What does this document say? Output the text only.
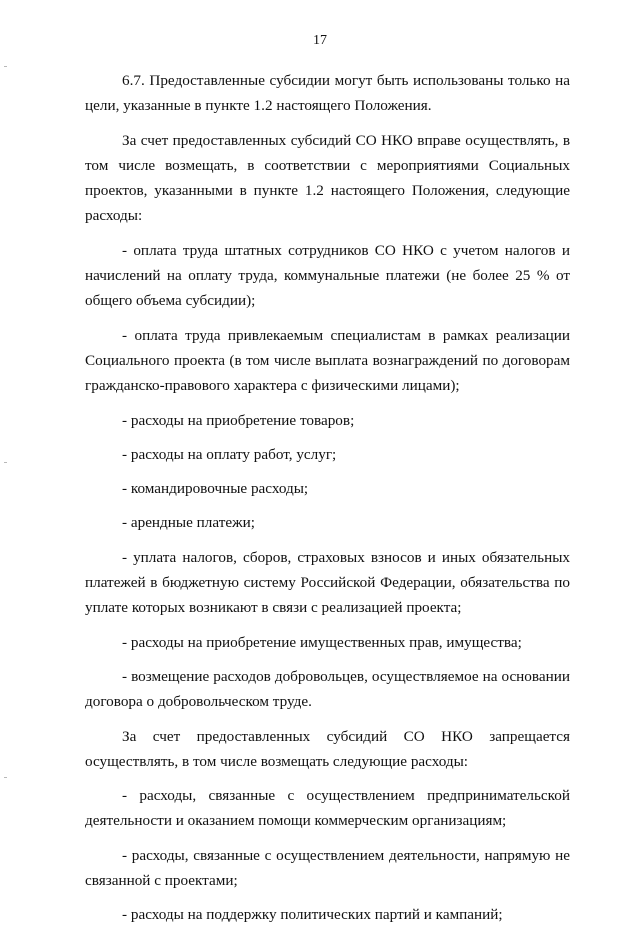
17

6.7. Предоставленные субсидии могут быть использованы только на цели, указанные в пункте 1.2 настоящего Положения.

За счет предоставленных субсидий СО НКО вправе осуществлять, в том числе возмещать, в соответствии с мероприятиями Социальных проектов, указанными в пункте 1.2 настоящего Положения, следующие расходы:

- оплата труда штатных сотрудников СО НКО с учетом налогов и начислений на оплату труда, коммунальные платежи (не более 25 % от общего объема субсидии);

- оплата труда привлекаемым специалистам в рамках реализации Социального проекта (в том числе выплата вознаграждений по договорам гражданско-правового характера с физическими лицами);

- расходы на приобретение товаров;

- расходы на оплату работ, услуг;

- командировочные расходы;

- арендные платежи;

- уплата налогов, сборов, страховых взносов и иных обязательных платежей в бюджетную систему Российской Федерации, обязательства по уплате которых возникают в связи с реализацией проекта;

- расходы на приобретение имущественных прав, имущества;

- возмещение расходов добровольцев, осуществляемое на основании договора о добровольческом труде.

За счет предоставленных субсидий СО НКО запрещается осуществлять, в том числе возмещать следующие расходы:

- расходы, связанные с осуществлением предпринимательской деятельности и оказанием помощи коммерческим организациям;

- расходы, связанные с осуществлением деятельности, напрямую не связанной с проектами;

- расходы на поддержку политических партий и кампаний;
